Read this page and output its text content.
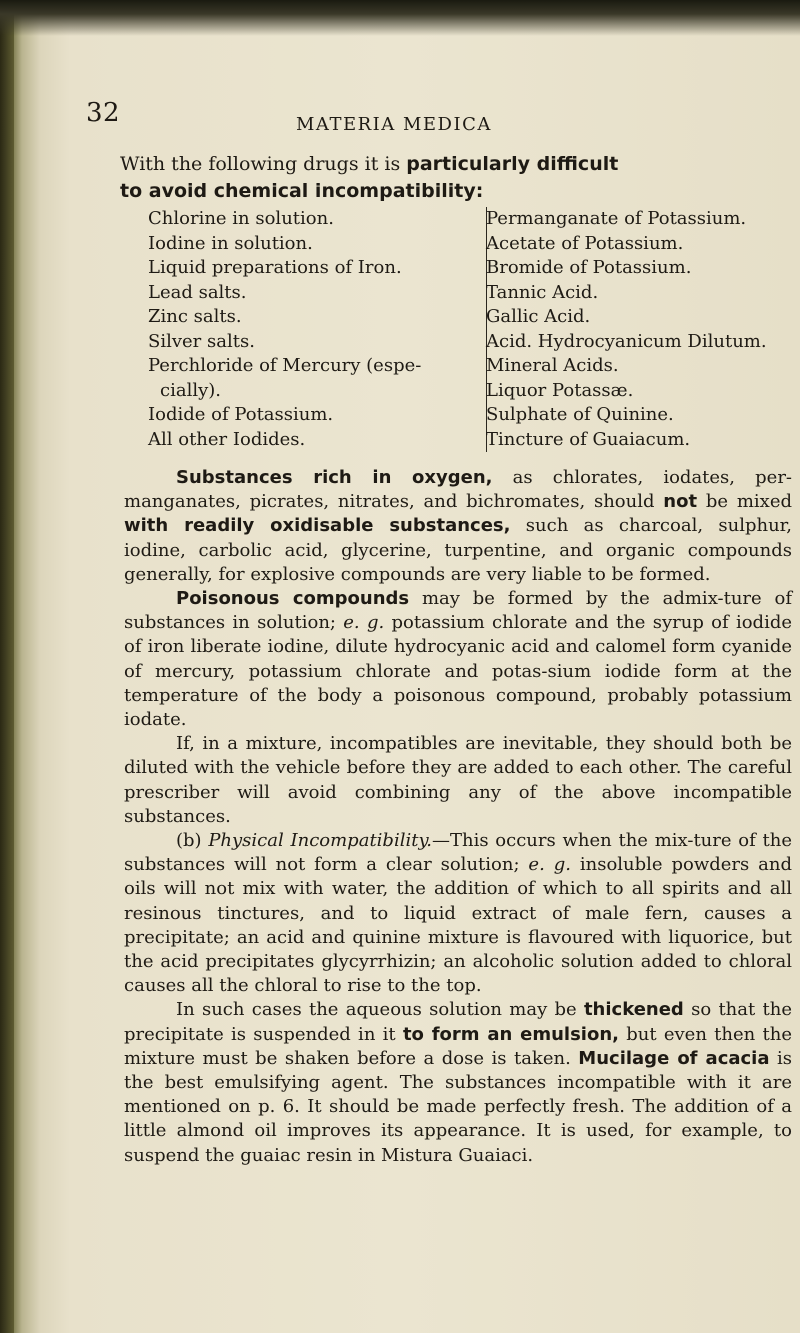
32	MATERIA MEDICA
With the following drugs it is particularly difficult
to avoid chemical incompatibility:
Chlorine in solution.
Iodine in solution.
Liquid preparations of Iron.
Lead salts.
Zinc salts.
Silver salts.
Perchloride of Mercury (espe-
cially).
Iodide of Potassium.
All other Iodides.
Permanganate of Potassium.
Acetate of Potassium.
Bromide of Potassium.
Tannic Acid.
Gallic Acid.
Acid. Hydrocyanicum Dilutum.
Mineral Acids.
Liquor Potassæ.
Sulphate of Quinine.
Tincture of Guaiacum.

Substances rich in oxygen, as chlorates, iodates, per-manganates, picrates, nitrates, and bichromates, should not be mixed with readily oxidisable substances, such as charcoal, sulphur, iodine, carbolic acid, glycerine, turpentine, and organic compounds generally, for explosive compounds are very liable to be formed.

Poisonous compounds may be formed by the admix-ture of substances in solution; e. g. potassium chlorate and the syrup of iodide of iron liberate iodine, dilute hydrocyanic acid and calomel form cyanide of mercury, potassium chlorate and potas-sium iodide form at the temperature of the body a poisonous compound, probably potassium iodate.

If, in a mixture, incompatibles are inevitable, they should both be diluted with the vehicle before they are added to each other. The careful prescriber will avoid combining any of the above incompatible substances.

(b) Physical Incompatibility.—This occurs when the mix-ture of the substances will not form a clear solution; e. g. insoluble powders and oils will not mix with water, the addition of which to all spirits and all resinous tinctures, and to liquid extract of male fern, causes a precipitate; an acid and quinine mixture is flavoured with liquorice, but the acid precipitates glycyrrhizin; an alcoholic solution added to chloral causes all the chloral to rise to the top.

In such cases the aqueous solution may be thickened so that the precipitate is suspended in it to form an emulsion, but even then the mixture must be shaken before a dose is taken. Mucilage of acacia is the best emulsifying agent. The substances incompatible with it are mentioned on p. 6. It should be made perfectly fresh. The addition of a little almond oil improves its appearance. It is used, for example, to suspend the guaiac resin in Mistura Guaiaci.
